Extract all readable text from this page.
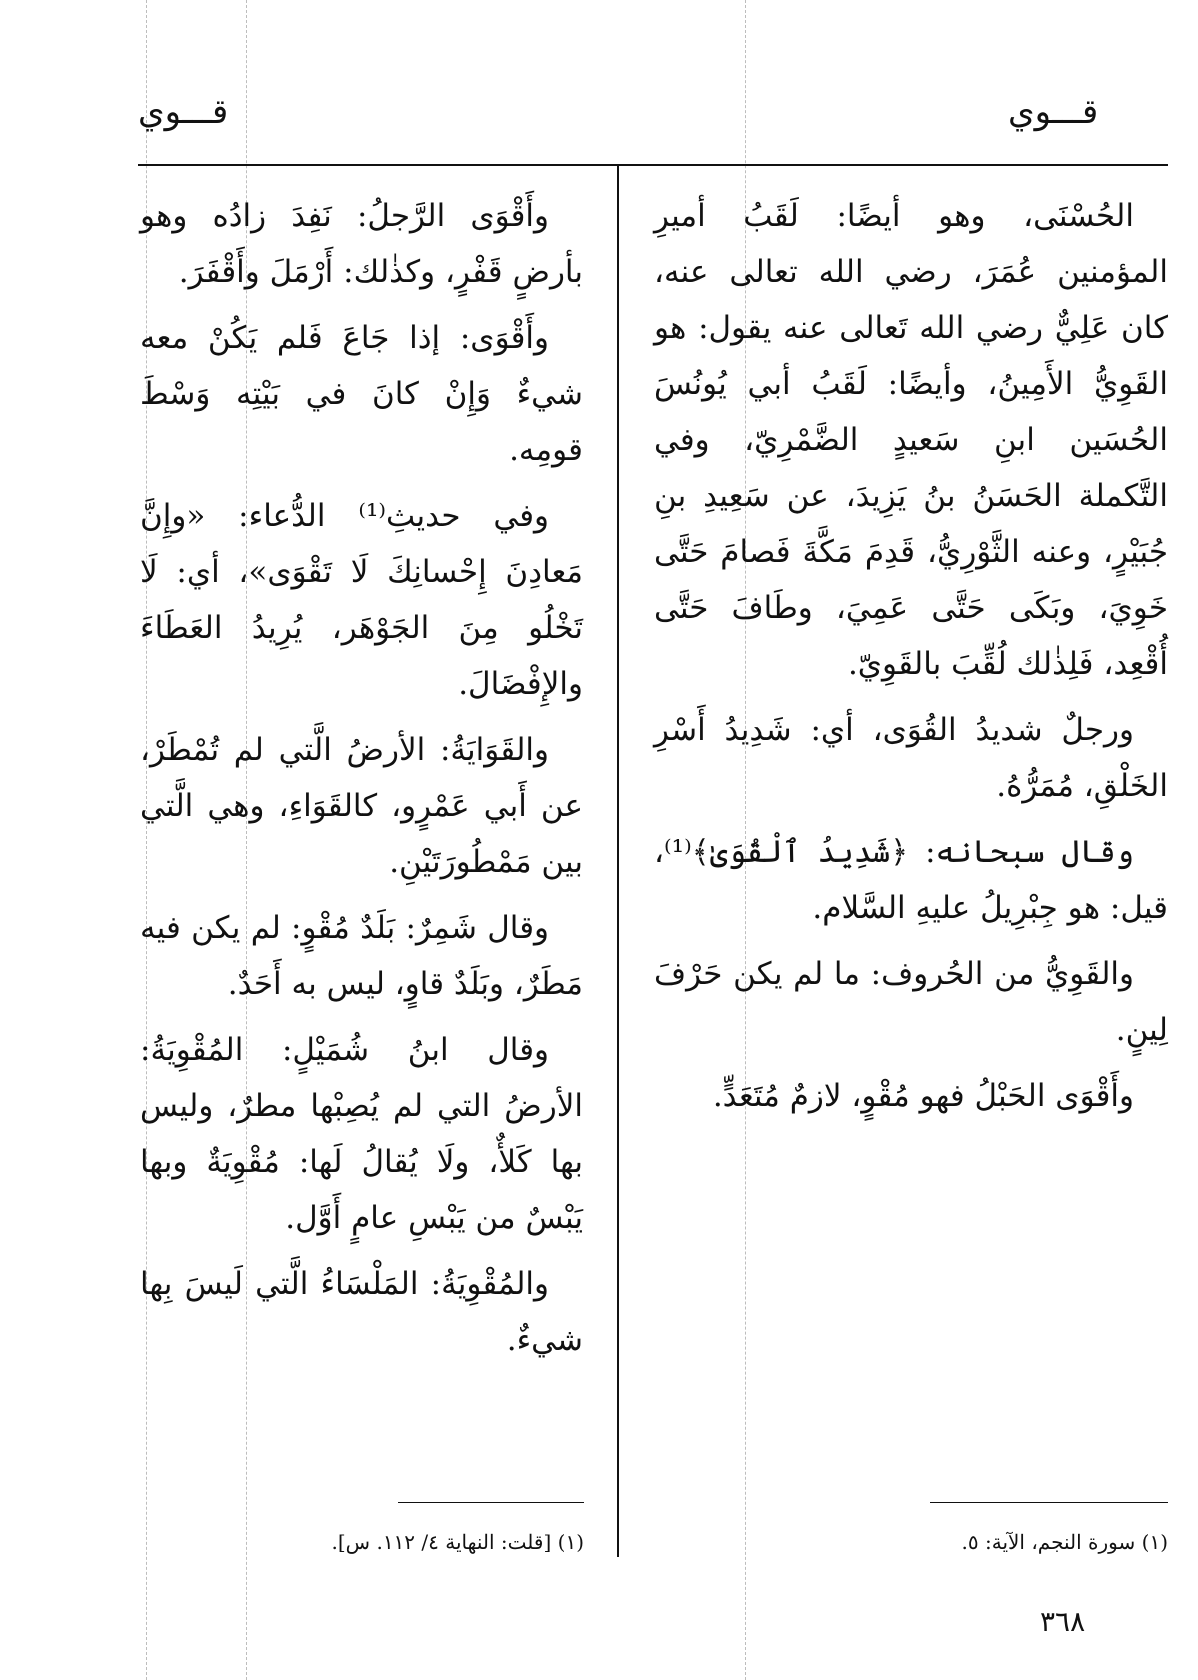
قـــوي
قـــوي

الحُسْنَى، وهو أيضًا: لَقَبُ أميرِ المؤمنين عُمَرَ، رضي الله تعالى عنه، كان عَلِيٌّ رضي الله تَعالى عنه يقول: هو القَوِيُّ الأَمِينُ، وأيضًا: لَقَبُ أبي يُونُسَ الحُسَين ابنِ سَعيدٍ الضَّمْرِيّ، وفي التَّكملة الحَسَنُ بنُ يَزِيدَ، عن سَعِيدِ بنِ جُبَيْرٍ، وعنه الثَّوْرِيُّ، قَدِمَ مَكَّةَ فَصامَ حَتَّى خَوِيَ، وبَكَى حَتَّى عَمِيَ، وطَافَ حَتَّى أُقْعِد، فَلِذٰلك لُقِّبَ بالقَوِيّ.

ورجلٌ شديدُ القُوَى، أي: شَدِيدُ أَسْرِ الخَلْقِ، مُمَرُّهُ.

وقال سبحانه: ﴿شَدِيدُ ٱلْقُوَىٰ﴾⁽¹⁾، قيل: هو جِبْرِيلُ عليهِ السَّلام.

والقَوِيُّ من الحُروف: ما لم يكن حَرْفَ لِينٍ.

وأَقْوَى الحَبْلُ فهو مُقْوٍ، لازمٌ مُتَعَدٍّ.

وأَقْوَى الرَّجلُ: نَفِدَ زادُه وهو بأرضٍ قَفْرٍ، وكذٰلك: أَرْمَلَ وأَقْفَرَ.

وأَقْوَى: إذا جَاعَ فَلم يَكُنْ معه شيءٌ وَإِنْ كانَ في بَيْتِه وَسْطَ قومِه.

وفي حديثِ⁽¹⁾ الدُّعاء: «وإِنَّ مَعادِنَ إِحْسانِكَ لَا تَقْوَى»، أي: لَا تَخْلُو مِنَ الجَوْهَر، يُرِيدُ العَطَاءَ والإِفْضَالَ.

والقَوَايَةُ: الأرضُ الَّتي لم تُمْطَرْ، عن أَبي عَمْرٍو، كالقَوَاءِ، وهي الَّتي بين مَمْطُورَتَيْنِ.

وقال شَمِرٌ: بَلَدٌ مُقْوٍ: لم يكن فيه مَطَرٌ، وبَلَدٌ قاوٍ، ليس به أَحَدٌ.

وقال ابنُ شُمَيْلٍ: المُقْوِيَةُ: الأرضُ التي لم يُصِبْها مطرٌ، وليس بها كَلأٌ، ولَا يُقالُ لَها: مُقْوِيَةٌ وبها يَبْسٌ من يَبْسِ عامٍ أَوَّل.

والمُقْوِيَةُ: المَلْسَاءُ الَّتي لَيسَ بِها شيءٌ.

(١) سورة النجم، الآية: ٥.
(١) [قلت: النهاية ٤/ ١١٢. س].
٣٦٨
